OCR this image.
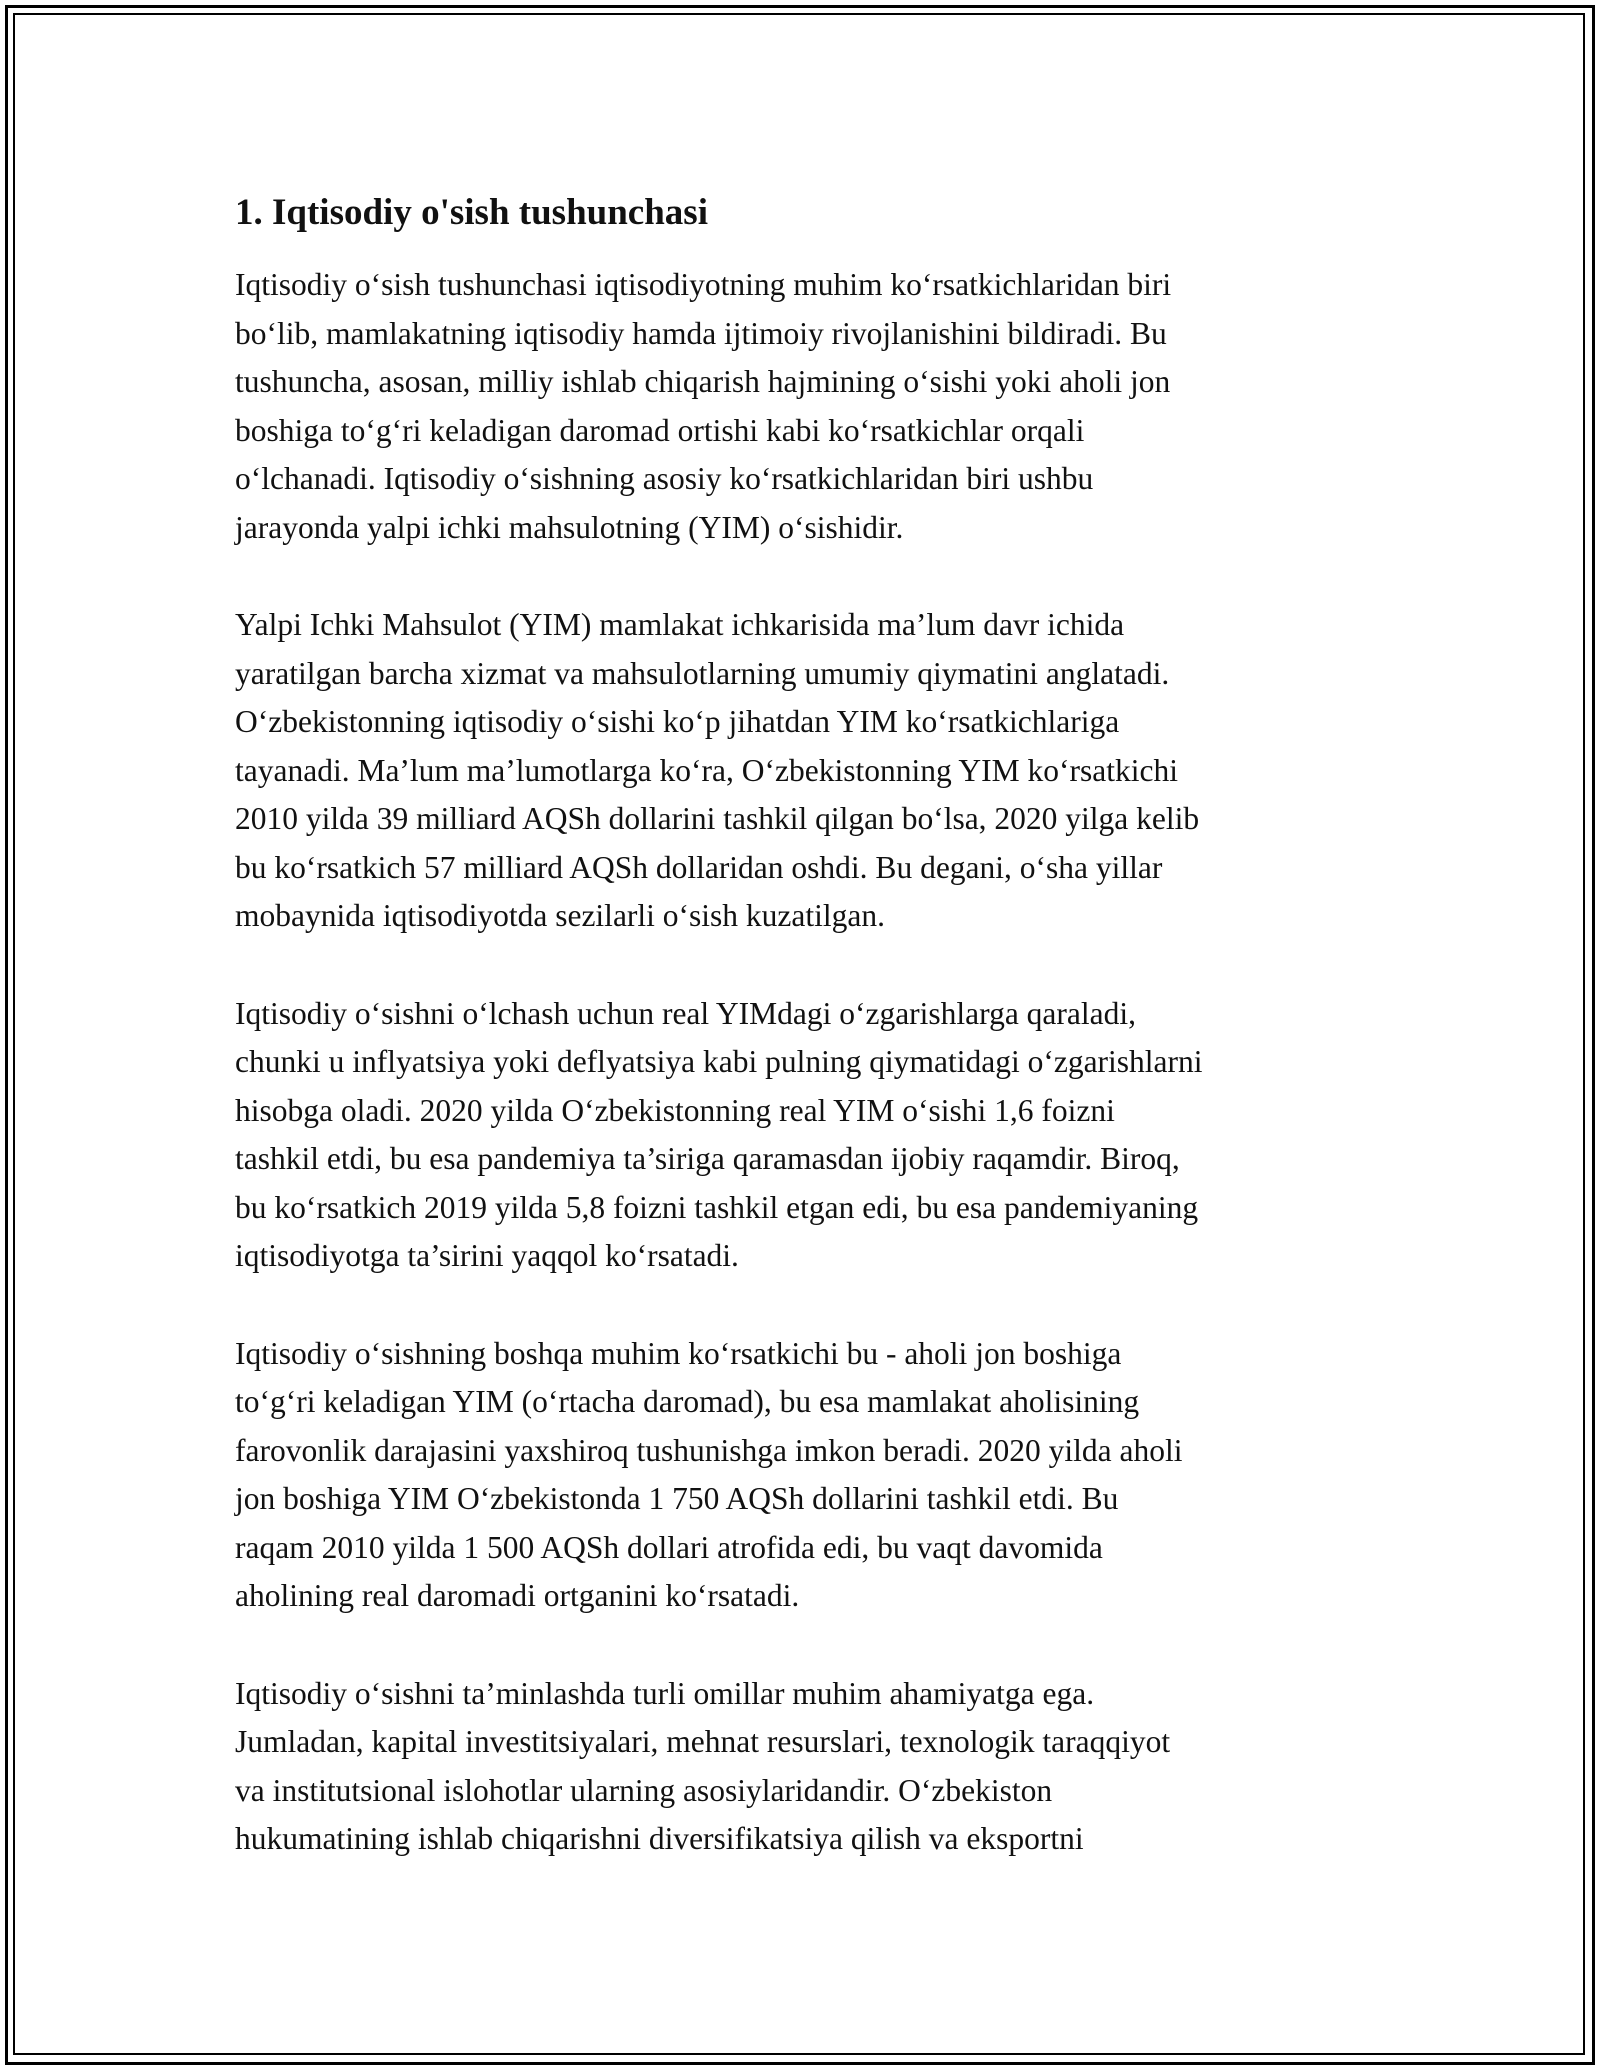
1. Iqtisodiy o'sish tushunchasi

Iqtisodiy o‘sish tushunchasi iqtisodiyotning muhim ko‘rsatkichlaridan biri
bo‘lib, mamlakatning iqtisodiy hamda ijtimoiy rivojlanishini bildiradi. Bu
tushuncha, asosan, milliy ishlab chiqarish hajmining o‘sishi yoki aholi jon
boshiga to‘g‘ri keladigan daromad ortishi kabi ko‘rsatkichlar orqali
o‘lchanadi. Iqtisodiy o‘sishning asosiy ko‘rsatkichlaridan biri ushbu
jarayonda yalpi ichki mahsulotning (YIM) o‘sishidir.

Yalpi Ichki Mahsulot (YIM) mamlakat ichkarisida ma’lum davr ichida
yaratilgan barcha xizmat va mahsulotlarning umumiy qiymatini anglatadi.
O‘zbekistonning iqtisodiy o‘sishi ko‘p jihatdan YIM ko‘rsatkichlariga
tayanadi. Ma’lum ma’lumotlarga ko‘ra, O‘zbekistonning YIM ko‘rsatkichi
2010 yilda 39 milliard AQSh dollarini tashkil qilgan bo‘lsa, 2020 yilga kelib
bu ko‘rsatkich 57 milliard AQSh dollaridan oshdi. Bu degani, o‘sha yillar
mobaynida iqtisodiyotda sezilarli o‘sish kuzatilgan.

Iqtisodiy o‘sishni o‘lchash uchun real YIMdagi o‘zgarishlarga qaraladi,
chunki u inflyatsiya yoki deflyatsiya kabi pulning qiymatidagi o‘zgarishlarni
hisobga oladi. 2020 yilda O‘zbekistonning real YIM o‘sishi 1,6 foizni
tashkil etdi, bu esa pandemiya ta’siriga qaramasdan ijobiy raqamdir. Biroq,
bu ko‘rsatkich 2019 yilda 5,8 foizni tashkil etgan edi, bu esa pandemiyaning
iqtisodiyotga ta’sirini yaqqol ko‘rsatadi.

Iqtisodiy o‘sishning boshqa muhim ko‘rsatkichi bu - aholi jon boshiga
to‘g‘ri keladigan YIM (o‘rtacha daromad), bu esa mamlakat aholisining
farovonlik darajasini yaxshiroq tushunishga imkon beradi. 2020 yilda aholi
jon boshiga YIM O‘zbekistonda 1 750 AQSh dollarini tashkil etdi. Bu
raqam 2010 yilda 1 500 AQSh dollari atrofida edi, bu vaqt davomida
aholining real daromadi ortganini ko‘rsatadi.

Iqtisodiy o‘sishni ta’minlashda turli omillar muhim ahamiyatga ega.
Jumladan, kapital investitsiyalari, mehnat resurslari, texnologik taraqqiyot
va institutsional islohotlar ularning asosiylaridandir. O‘zbekiston
hukumatining ishlab chiqarishni diversifikatsiya qilish va eksportni
